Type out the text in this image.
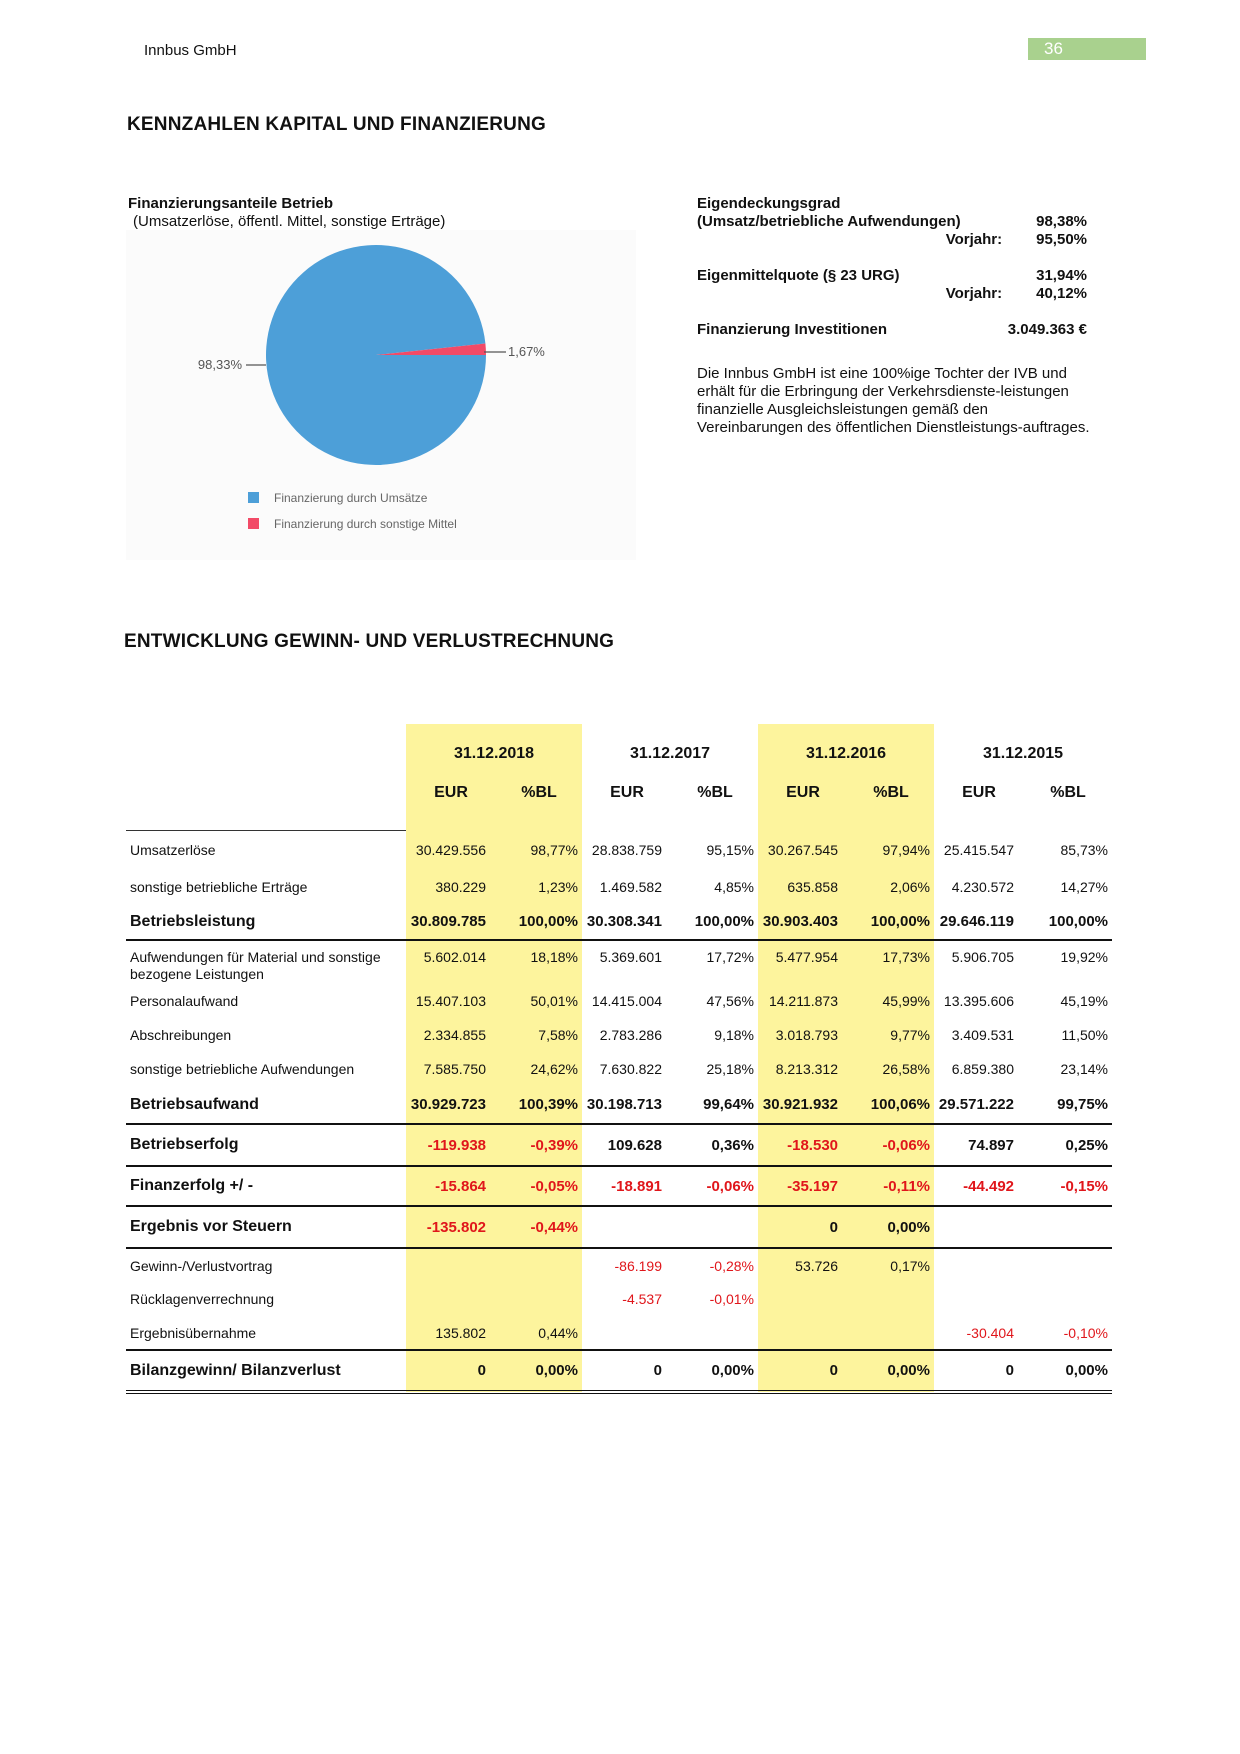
Innbus GmbH	36
KENNZAHLEN KAPITAL UND FINANZIERUNG
Finanzierungsanteile Betrieb
(Umsatzerlöse, öffentl. Mittel, sonstige Erträge)
98,33%
1,67%
Finanzierung durch Umsätze
Finanzierung durch sonstige Mittel
Eigendeckungsgrad
(Umsatz/betriebliche Aufwendungen)	98,38%
Vorjahr: 95,50%
Eigenmittelquote (§ 23 URG)	31,94%
Vorjahr: 40,12%
Finanzierung Investitionen	3.049.363 €

Die Innbus GmbH ist eine 100%ige Tochter der IVB und erhält für die Erbringung der Verkehrsdienste-leistungen finanzielle Ausgleichsleistungen gemäß den Vereinbarungen des öffentlichen Dienstleistungs-auftrages.

ENTWICKLUNG GEWINN- UND VERLUSTRECHNUNG
	31.12.2018		31.12.2017		31.12.2016		31.12.2015	
	EUR	%BL	EUR	%BL	EUR	%BL	EUR	%BL
Umsatzerlöse	30.429.556	98,77%	28.838.759	95,15%	30.267.545	97,94%	25.415.547	85,73%
sonstige betriebliche Erträge	380.229	1,23%	1.469.582	4,85%	635.858	2,06%	4.230.572	14,27%
Betriebsleistung	30.809.785	100,00%	30.308.341	100,00%	30.903.403	100,00%	29.646.119	100,00%

Aufwendungen für Material und sonstige
bezogene Leistungen	5.602.014	18,18%	5.369.601	17,72%	5.477.954	17,73%	5.906.705	19,92%
Personalaufwand	15.407.103	50,01%	14.415.004	47,56%	14.211.873	45,99%	13.395.606	45,19%
Abschreibungen	2.334.855	7,58%	2.783.286	9,18%	3.018.793	9,77%	3.409.531	11,50%
sonstige betriebliche Aufwendungen	7.585.750	24,62%	7.630.822	25,18%	8.213.312	26,58%	6.859.380	23,14%
Betriebsaufwand	30.929.723	100,39%	30.198.713	99,64%	30.921.932	100,06%	29.571.222	99,75%
Betriebserfolg	-119.938	-0,39%	109.628	0,36%	-18.530	-0,06%	74.897	0,25%
Finanzerfolg +/ -	-15.864	-0,05%	-18.891	-0,06%	-35.197	-0,11%	-44.492	-0,15%
Ergebnis vor Steuern	-135.802	-0,44%			0	0,00%		
Gewinn-/Verlustvortrag			-86.199	-0,28%	53.726	0,17%		
Rücklagenverrechnung			-4.537	-0,01%				
Ergebnisübernahme	135.802	0,44%					-30.404	-0,10%
Bilanzgewinn/ Bilanzverlust	0	0,00%	0	0,00%	0	0,00%	0	0,00%
